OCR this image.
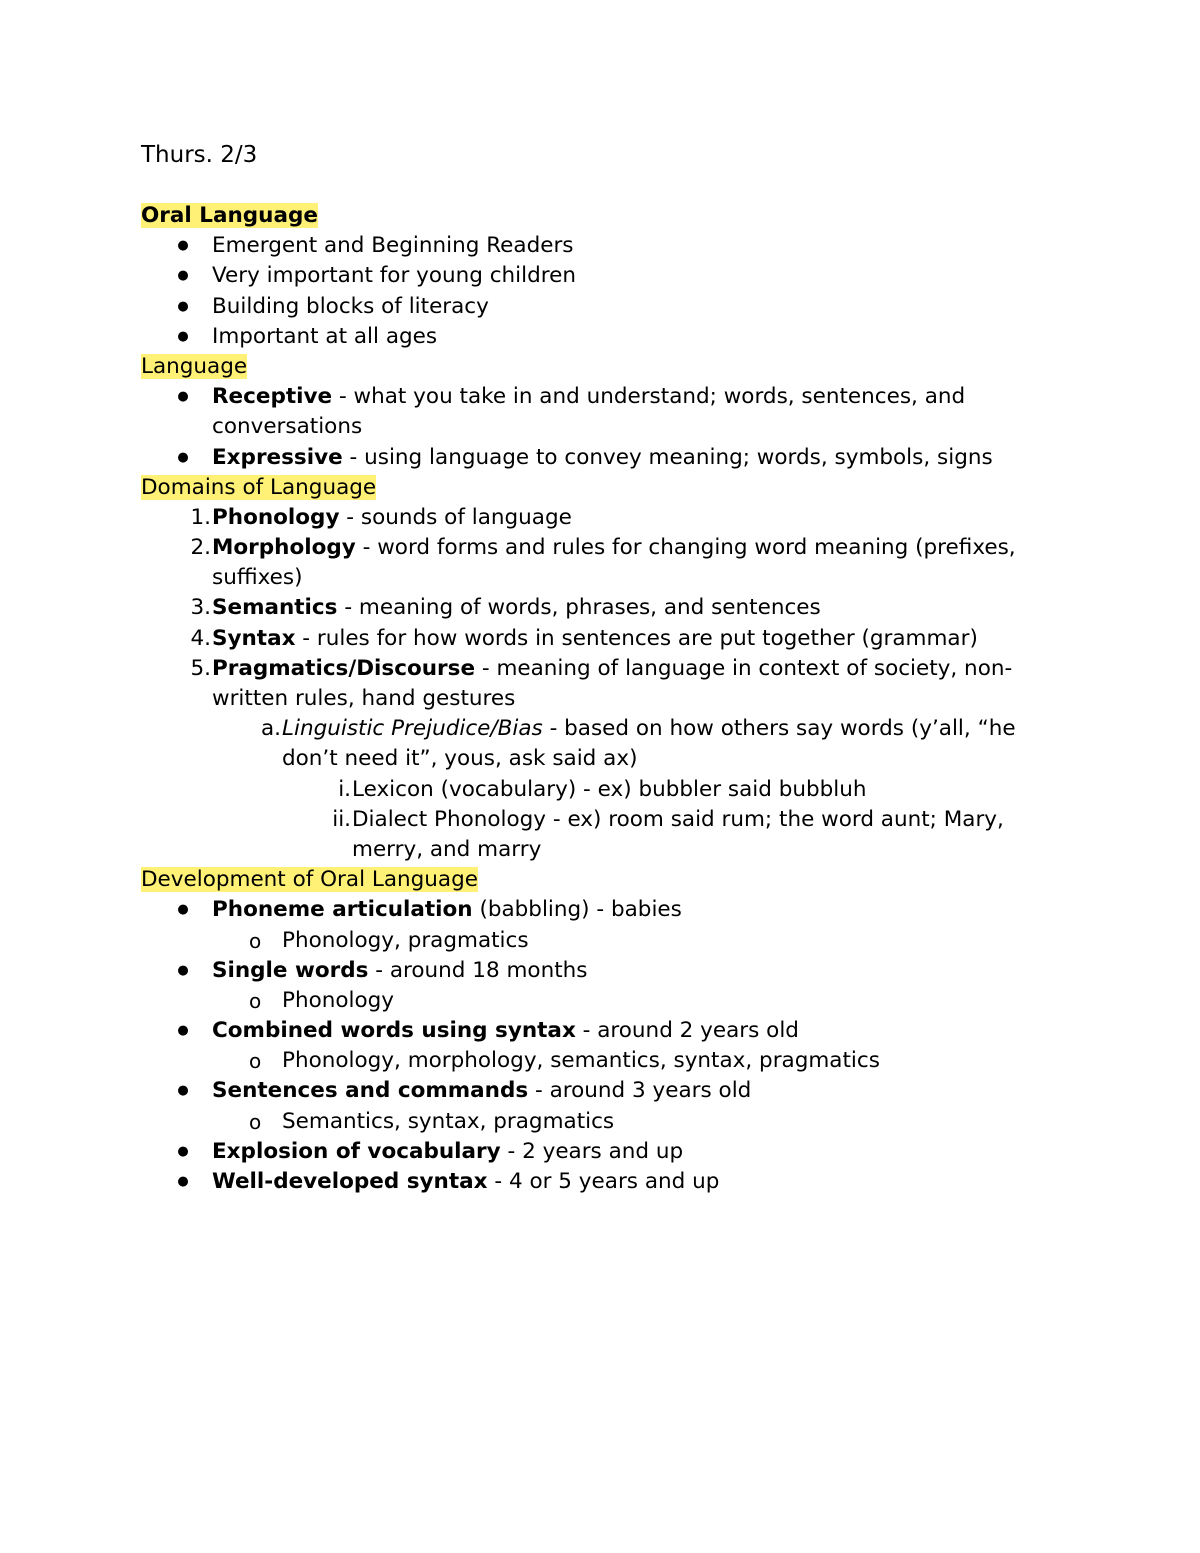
Thurs. 2/3
Oral Language
● Emergent and Beginning Readers
● Very important for young children
● Building blocks of literacy
● Important at all ages
Language
● Receptive - what you take in and understand; words, sentences, and
conversations
● Expressive - using language to convey meaning; words, symbols, signs
Domains of Language
1. Phonology - sounds of language
2. Morphology - word forms and rules for changing word meaning (prefixes,
suffixes)
3. Semantics - meaning of words, phrases, and sentences
4. Syntax - rules for how words in sentences are put together (grammar)
5. Pragmatics/Discourse - meaning of language in context of society, non-
written rules, hand gestures
a. Linguistic Prejudice/Bias - based on how others say words (y’all, “he
don’t need it”, yous, ask said ax)
i. Lexicon (vocabulary) - ex) bubbler said bubbluh
ii. Dialect Phonology - ex) room said rum; the word aunt; Mary,
merry, and marry
Development of Oral Language
● Phoneme articulation (babbling) - babies
o Phonology, pragmatics
● Single words - around 18 months
o Phonology
● Combined words using syntax - around 2 years old
o Phonology, morphology, semantics, syntax, pragmatics
● Sentences and commands - around 3 years old
o Semantics, syntax, pragmatics
● Explosion of vocabulary - 2 years and up
● Well-developed syntax - 4 or 5 years and up
